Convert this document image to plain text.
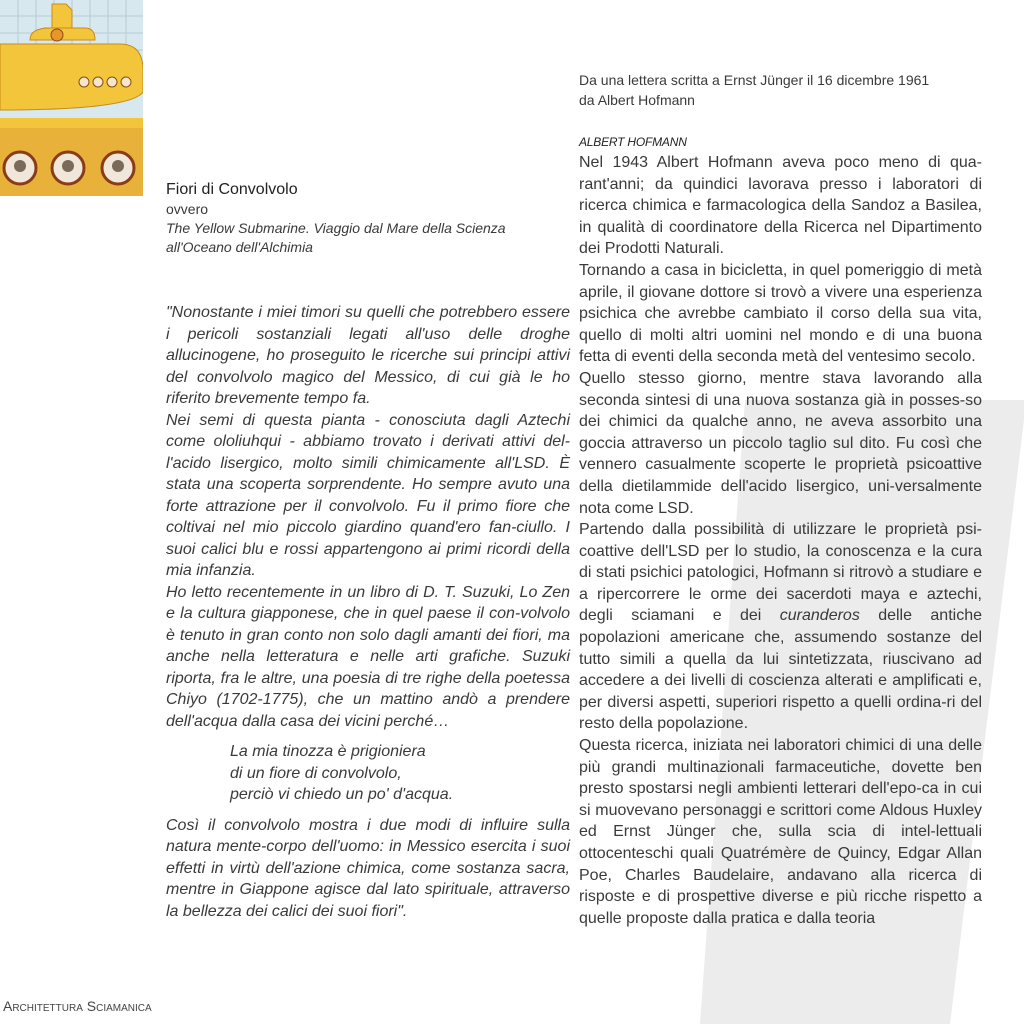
Fiori di Convolvolo

ovvero

The Yellow Submarine. Viaggio dal Mare della Scienza

all'Oceano dell'Alchimia

"Nonostante i miei timori su quelli che potrebbero essere i pericoli sostanziali legati all'uso delle droghe allucinogene, ho proseguito le ricerche sui principi attivi del convolvolo magico del Messico, di cui già le ho riferito brevemente tempo fa.

Nei semi di questa pianta - conosciuta dagli Aztechi come ololiuhqui - abbiamo trovato i derivati attivi del-l'acido lisergico, molto simili chimicamente all'LSD. È stata una scoperta sorprendente. Ho sempre avuto una forte attrazione per il convolvolo. Fu il primo fiore che coltivai nel mio piccolo giardino quand'ero fan-ciullo. I suoi calici blu e rossi appartengono ai primi ricordi della mia infanzia.

Ho letto recentemente in un libro di D. T. Suzuki, Lo Zen e la cultura giapponese, che in quel paese il con-volvolo è tenuto in gran conto non solo dagli amanti dei fiori, ma anche nella letteratura e nelle arti grafiche. Suzuki riporta, fra le altre, una poesia di tre righe della poetessa Chiyo (1702-1775), che un mattino andò a prendere dell'acqua dalla casa dei vicini perché…

La mia tinozza è prigioniera
di un fiore di convolvolo,
perciò vi chiedo un po' d'acqua.

Così il convolvolo mostra i due modi di influire sulla natura mente-corpo dell'uomo: in Messico esercita i suoi effetti in virtù dell'azione chimica, come sostanza sacra, mentre in Giappone agisce dal lato spirituale, attraverso la bellezza dei calici dei suoi fiori".

Da una lettera scritta a Ernst Jünger il 16 dicembre 1961
da Albert Hofmann
ALBERT HOFMANN

Nel 1943 Albert Hofmann aveva poco meno di qua-rant'anni; da quindici lavorava presso i laboratori di ricerca chimica e farmacologica della Sandoz a Basilea, in qualità di coordinatore della Ricerca nel Dipartimento dei Prodotti Naturali.

Tornando a casa in bicicletta, in quel pomeriggio di metà aprile, il giovane dottore si trovò a vivere una esperienza psichica che avrebbe cambiato il corso della sua vita, quello di molti altri uomini nel mondo e di una buona fetta di eventi della seconda metà del ventesimo secolo.

Quello stesso giorno, mentre stava lavorando alla seconda sintesi di una nuova sostanza già in posses-so dei chimici da qualche anno, ne aveva assorbito una goccia attraverso un piccolo taglio sul dito. Fu così che vennero casualmente scoperte le proprietà psicoattive della dietilammide dell'acido lisergico, uni-versalmente nota come LSD.

Partendo dalla possibilità di utilizzare le proprietà psi-coattive dell'LSD per lo studio, la conoscenza e la cura di stati psichici patologici, Hofmann si ritrovò a studiare e a ripercorrere le orme dei sacerdoti maya e aztechi, degli sciamani e dei curanderos delle antiche popolazioni americane che, assumendo sostanze del tutto simili a quella da lui sintetizzata, riuscivano ad accedere a dei livelli di coscienza alterati e amplificati e, per diversi aspetti, superiori rispetto a quelli ordina-ri del resto della popolazione.

Questa ricerca, iniziata nei laboratori chimici di una delle più grandi multinazionali farmaceutiche, dovette ben presto spostarsi negli ambienti letterari dell'epo-ca in cui si muovevano personaggi e scrittori come Aldous Huxley ed Ernst Jünger che, sulla scia di intel-lettuali ottocenteschi quali Quatrémère de Quincy, Edgar Allan Poe, Charles Baudelaire, andavano alla ricerca di risposte e di prospettive diverse e più ricche rispetto a quelle proposte dalla pratica e dalla teoria

Architettura Sciamanica
